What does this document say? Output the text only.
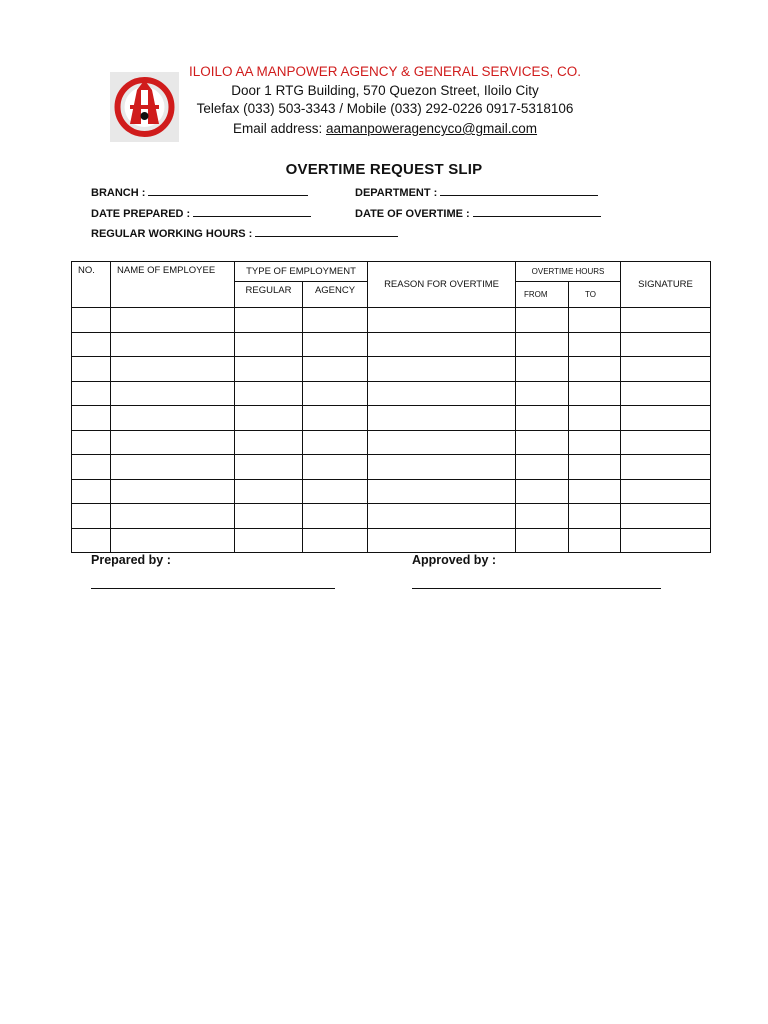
ILOILO AA MANPOWER AGENCY & GENERAL SERVICES, CO.
Door 1 RTG Building, 570 Quezon Street, Iloilo City
Telefax (033) 503-3343 / Mobile (033) 292-0226 0917-5318106
Email address: aamanpoweragencyco@gmail.com
OVERTIME REQUEST SLIP
BRANCH :	DEPARTMENT :
DATE PREPARED :	DATE OF OVERTIME :
REGULAR WORKING HOURS :
NO.	NAME OF EMPLOYEE	TYPE OF EMPLOYMENT		REASON FOR OVERTIME	OVERTIME HOURS		SIGNATURE
		REGULAR	AGENCY		FROM	TO	

Prepared by :	Approved by :
